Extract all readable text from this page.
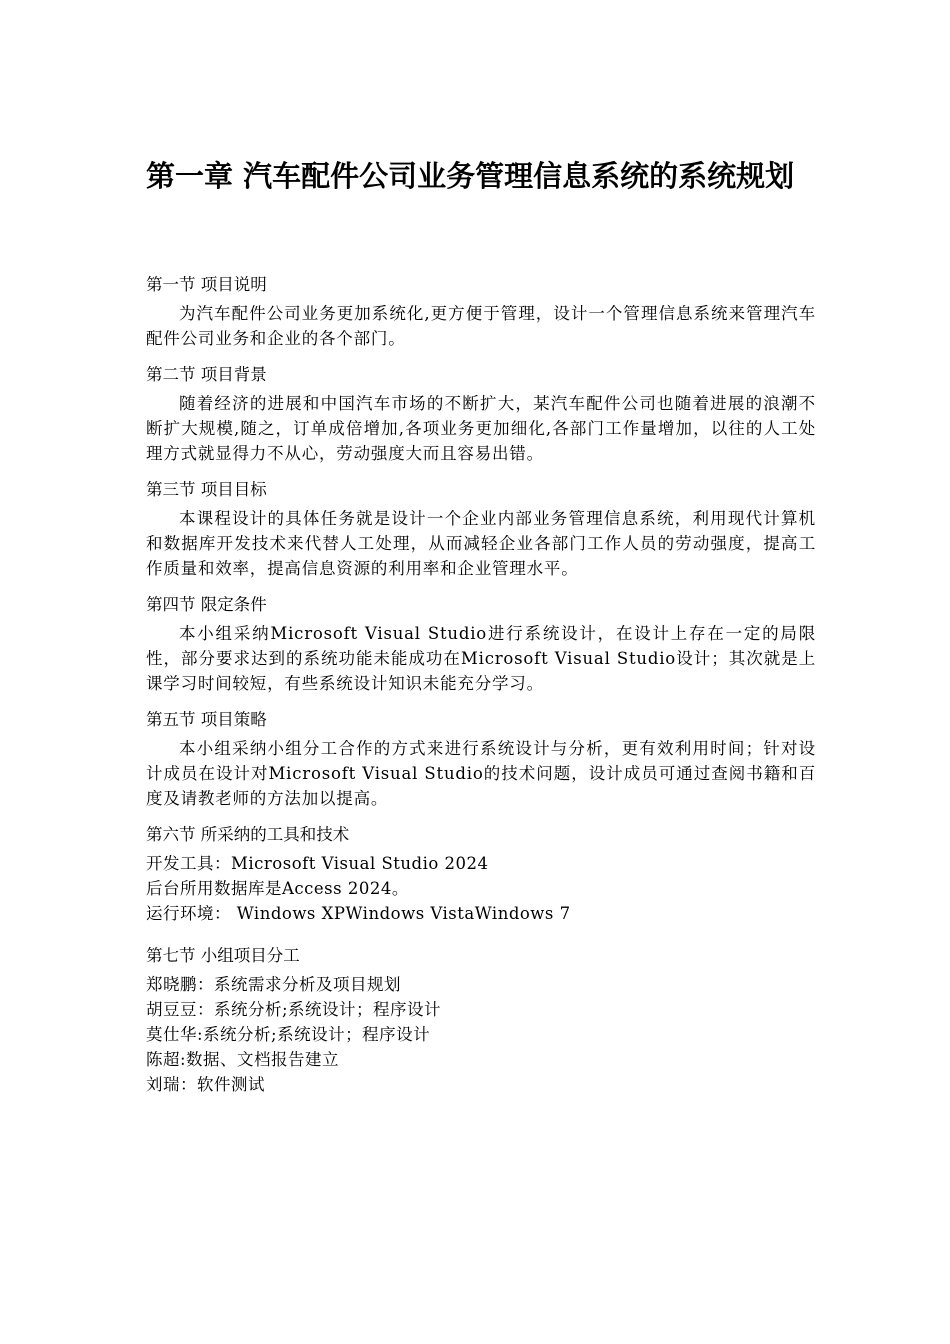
第一章 汽车配件公司业务管理信息系统的系统规划
第一节 项目说明

为汽车配件公司业务更加系统化,更方便于管理，设计一个管理信息系统来管理汽车配件公司业务和企业的各个部门。

第二节 项目背景

随着经济的进展和中国汽车市场的不断扩大，某汽车配件公司也随着进展的浪潮不断扩大规模,随之，订单成倍增加,各项业务更加细化,各部门工作量增加，以往的人工处理方式就显得力不从心，劳动强度大而且容易出错。

第三节 项目目标

本课程设计的具体任务就是设计一个企业内部业务管理信息系统，利用现代计算机和数据库开发技术来代替人工处理，从而减轻企业各部门工作人员的劳动强度，提高工作质量和效率，提高信息资源的利用率和企业管理水平。

第四节 限定条件

本小组采纳Microsoft Visual Studio进行系统设计，在设计上存在一定的局限性，部分要求达到的系统功能未能成功在Microsoft Visual Studio设计；其次就是上课学习时间较短，有些系统设计知识未能充分学习。

第五节 项目策略

本小组采纳小组分工合作的方式来进行系统设计与分析，更有效利用时间；针对设计成员在设计对Microsoft Visual Studio的技术问题，设计成员可通过查阅书籍和百度及请教老师的方法加以提高。

第六节 所采纳的工具和技术

开发工具：Microsoft Visual Studio 2024

后台所用数据库是Access 2024。

运行环境： Windows XPWindows VistaWindows 7

第七节 小组项目分工

郑晓鹏：系统需求分析及项目规划

胡豆豆：系统分析;系统设计；程序设计

莫仕华:系统分析;系统设计；程序设计

陈超:数据、文档报告建立

刘瑞：软件测试
